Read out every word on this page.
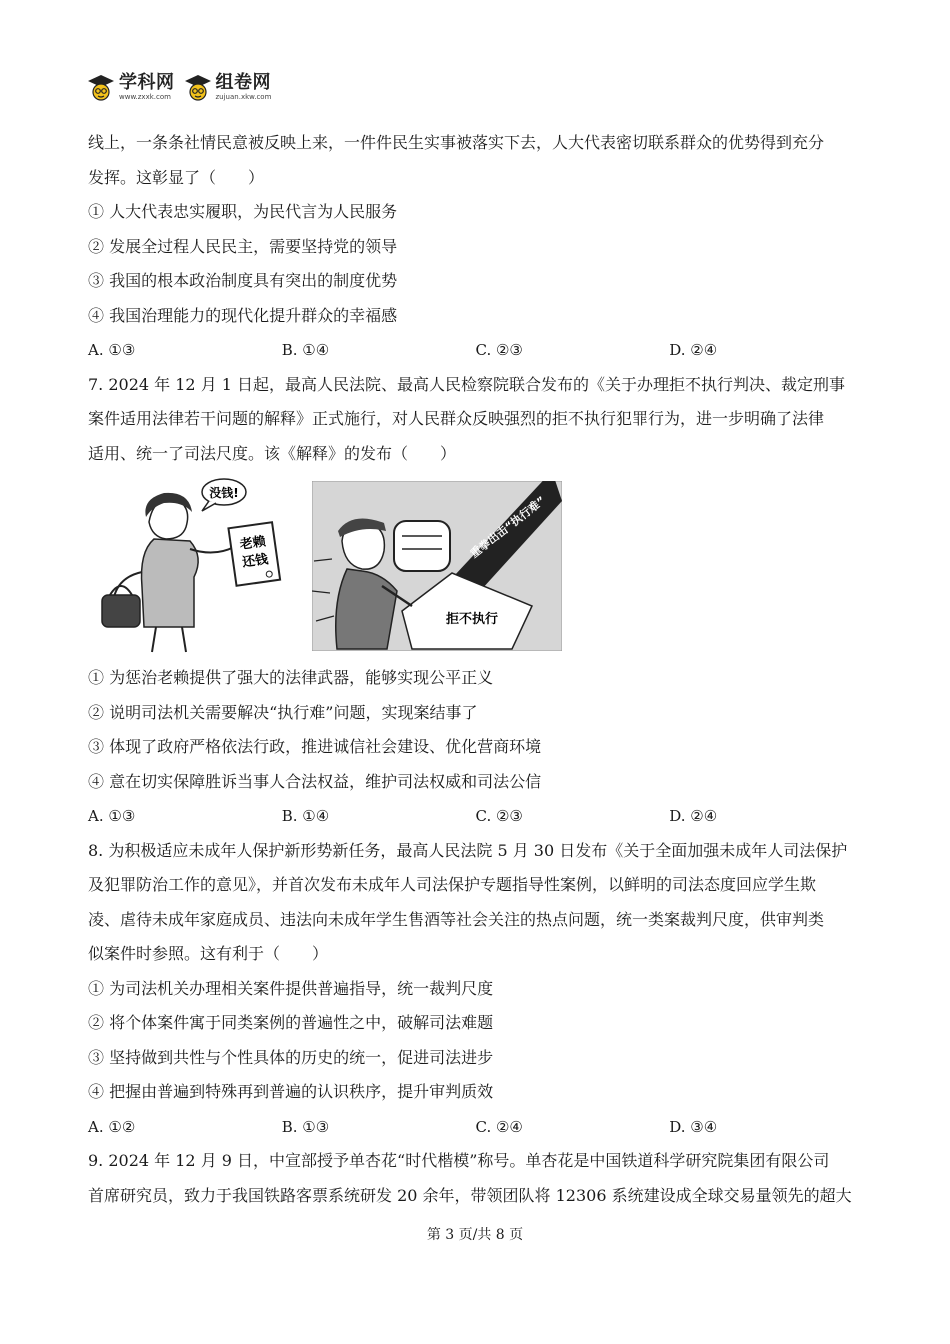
学科网
www.zxxk.com
组卷网
zujuan.xkw.com
线上，一条条社情民意被反映上来，一件件民生实事被落实下去，人大代表密切联系群众的优势得到充分
发挥。这彰显了（　　）
① 人大代表忠实履职，为民代言为人民服务
② 发展全过程人民民主，需要坚持党的领导
③ 我国的根本政治制度具有突出的制度优势
④ 我国治理能力的现代化提升群众的幸福感
A. ①③	B. ①④	C. ②③	D. ②④
7. 2024 年 12 月 1 日起，最高人民法院、最高人民检察院联合发布的《关于办理拒不执行判决、裁定刑事
案件适用法律若干问题的解释》正式施行，对人民群众反映强烈的拒不执行犯罪行为，进一步明确了法律
适用、统一了司法尺度。该《解释》的发布（　　）
没钱!
老赖
还钱
重拳出击“执行难”
拒不执行
① 为惩治老赖提供了强大的法律武器，能够实现公平正义
② 说明司法机关需要解决“执行难”问题，实现案结事了
③ 体现了政府严格依法行政，推进诚信社会建设、优化营商环境
④ 意在切实保障胜诉当事人合法权益，维护司法权威和司法公信
A. ①③	B. ①④	C. ②③	D. ②④
8. 为积极适应未成年人保护新形势新任务，最高人民法院 5 月 30 日发布《关于全面加强未成年人司法保护
及犯罪防治工作的意见》，并首次发布未成年人司法保护专题指导性案例，以鲜明的司法态度回应学生欺
凌、虐待未成年家庭成员、违法向未成年学生售酒等社会关注的热点问题，统一类案裁判尺度，供审判类
似案件时参照。这有利于（　　）
① 为司法机关办理相关案件提供普遍指导，统一裁判尺度
② 将个体案件寓于同类案例的普遍性之中，破解司法难题
③ 坚持做到共性与个性具体的历史的统一，促进司法进步
④ 把握由普遍到特殊再到普遍的认识秩序，提升审判质效
A. ①②	B. ①③	C. ②④	D. ③④
9. 2024 年 12 月 9 日，中宣部授予单杏花“时代楷模”称号。单杏花是中国铁道科学研究院集团有限公司
首席研究员，致力于我国铁路客票系统研发 20 余年，带领团队将 12306 系统建设成全球交易量领先的超大
第 3 页/共 8 页
